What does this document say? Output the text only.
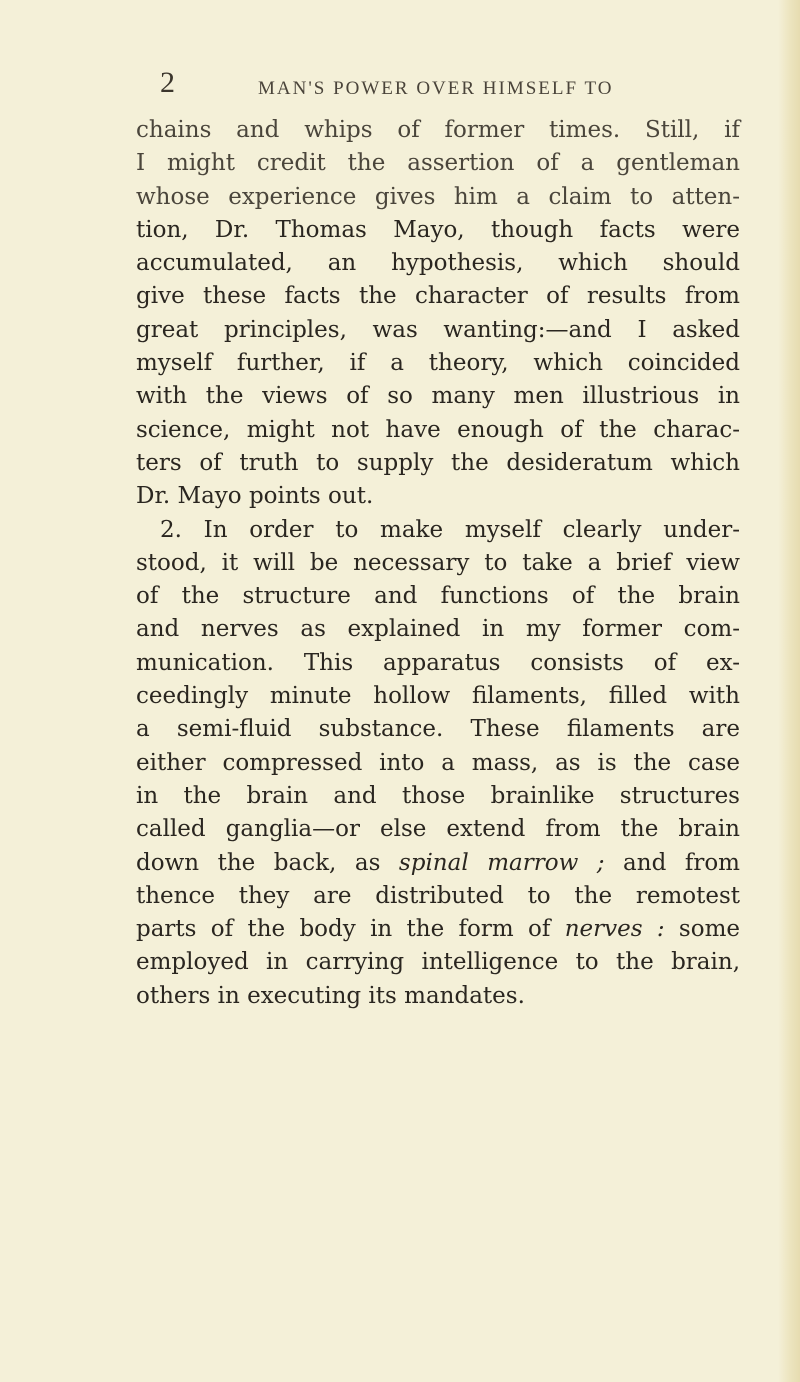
2	MAN'S POWER OVER HIMSELF TO
chains and whips of former times. Still, if
I might credit the assertion of a gentleman
whose experience gives him a claim to atten-
tion, Dr. Thomas Mayo, though facts were
accumulated, an hypothesis, which should
give these facts the character of results from
great principles, was wanting:—and I asked
myself further, if a theory, which coincided
with the views of so many men illustrious in
science, might not have enough of the charac-
ters of truth to supply the desideratum which
Dr. Mayo points out.
2. In order to make myself clearly under-
stood, it will be necessary to take a brief view
of the structure and functions of the brain
and nerves as explained in my former com-
munication. This apparatus consists of ex-
ceedingly minute hollow filaments, filled with
a semi-fluid substance. These filaments are
either compressed into a mass, as is the case
in the brain and those brainlike structures
called ganglia—or else extend from the brain
down the back, as spinal marrow ; and from
thence they are distributed to the remotest
parts of the body in the form of nerves : some
employed in carrying intelligence to the brain,
others in executing its mandates.
